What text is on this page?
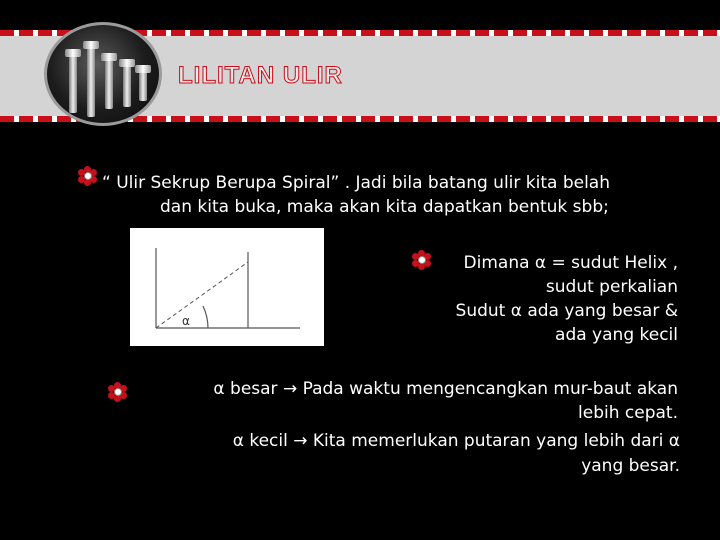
LILITAN ULIR
“ Ulir Sekrup Berupa Spiral” . Jadi bila batang ulir kita belah
dan kita buka, maka akan kita dapatkan bentuk sbb;
α
Dimana α = sudut Helix ,
sudut perkalian
Sudut α ada yang besar &
ada yang kecil
α besar → Pada waktu mengencangkan mur-baut akan
lebih cepat.
α kecil → Kita memerlukan putaran yang lebih dari α
yang besar.
